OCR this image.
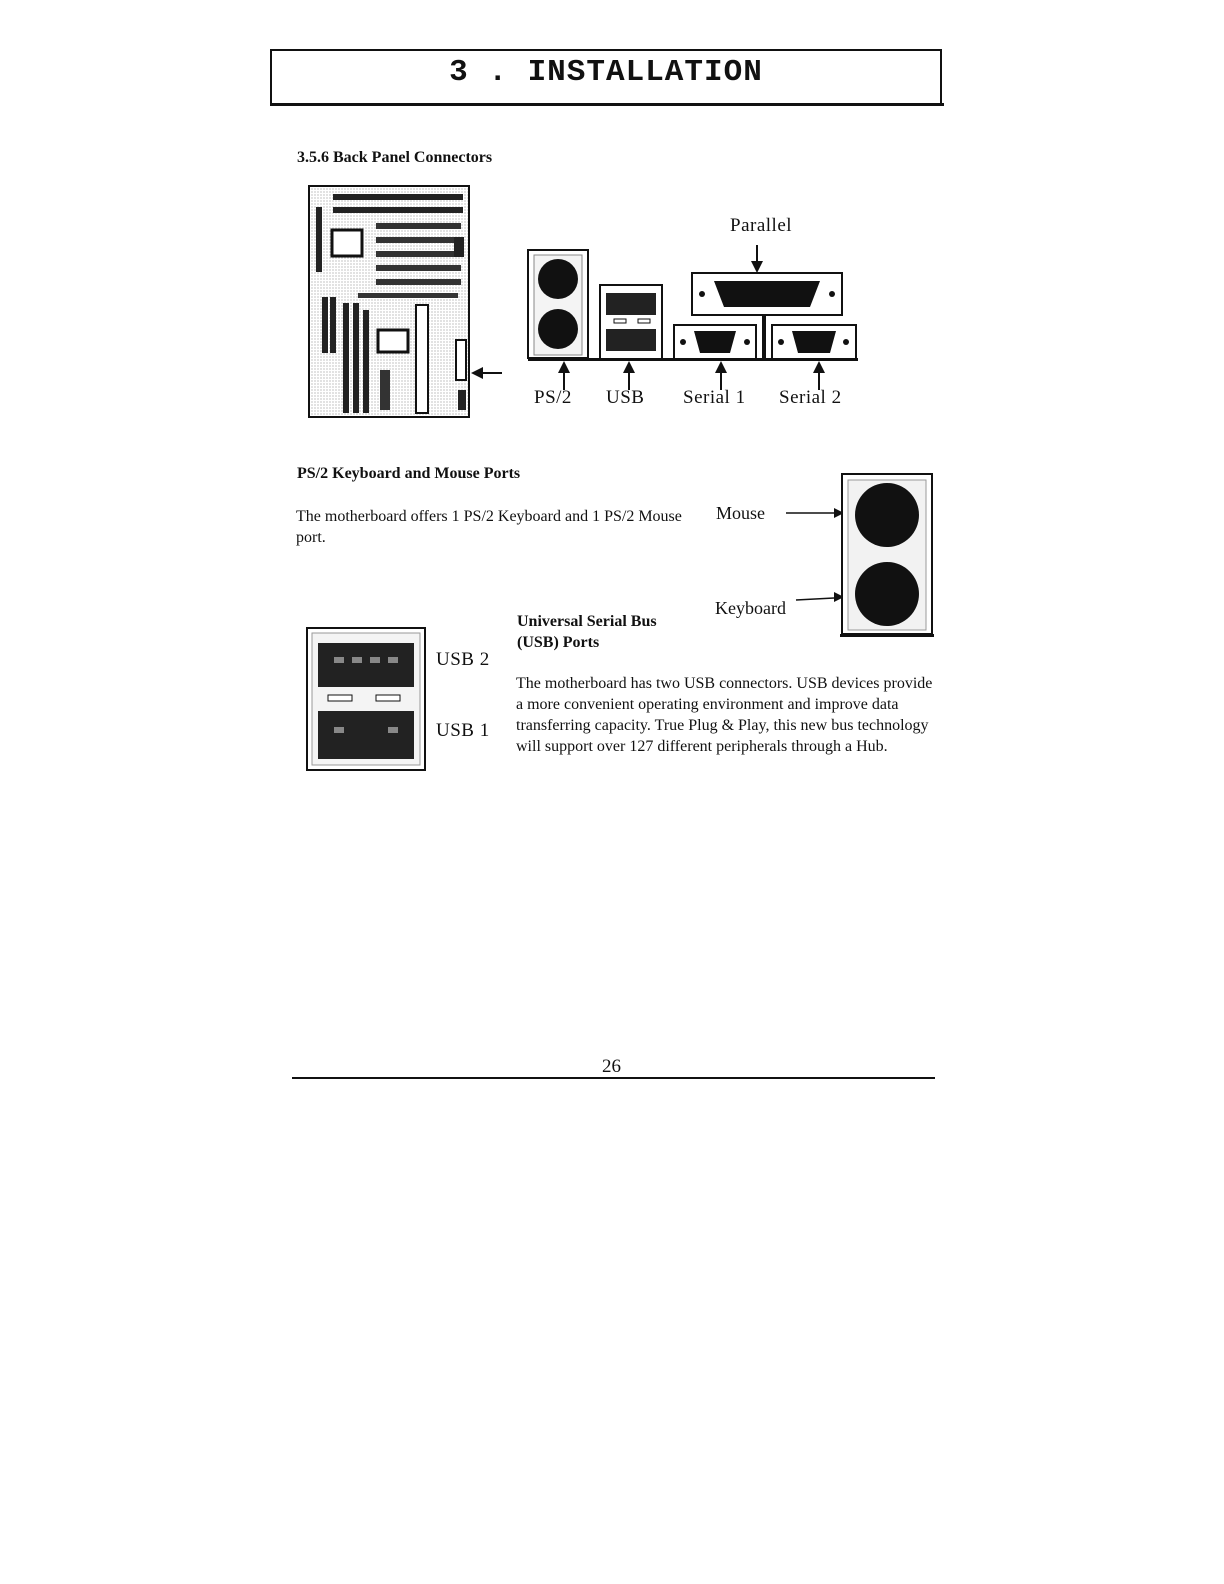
3 . INSTALLATION
3.5.6 Back Panel Connectors
Parallel
PS/2 USB Serial 1 Serial 2
PS/2 Keyboard and Mouse Ports
The motherboard offers 1 PS/2 Keyboard and 1 PS/2 Mouse port.
Mouse
Keyboard
USB 2
USB 1
Universal Serial Bus
(USB) Ports
The motherboard has two USB connectors. USB devices provide a more convenient operating environment and improve data transferring capacity. True Plug & Play, this new bus technology will support over 127 different peripherals through a Hub.
26
